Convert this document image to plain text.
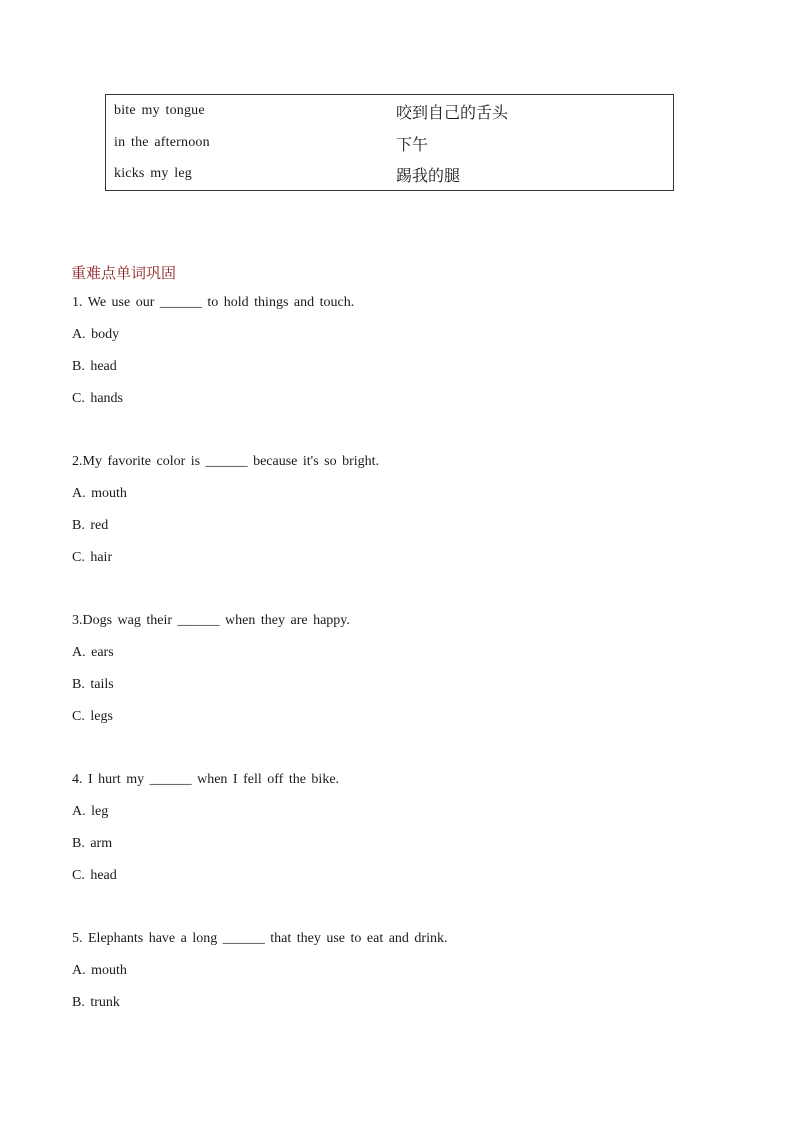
bite my tongue	咬到自己的舌头
in the afternoon	下午
kicks my leg	踢我的腿
重难点单词巩固
1. We use our ______ to hold things and touch.
A. body
B. head
C. hands
2.My favorite color is ______ because it's so bright.
A. mouth
B. red
C. hair
3.Dogs wag their ______ when they are happy.
A. ears
B. tails
C. legs
4. I hurt my ______ when I fell off the bike.
A. leg
B. arm
C. head
5. Elephants have a long ______ that they use to eat and drink.
A. mouth
B. trunk
